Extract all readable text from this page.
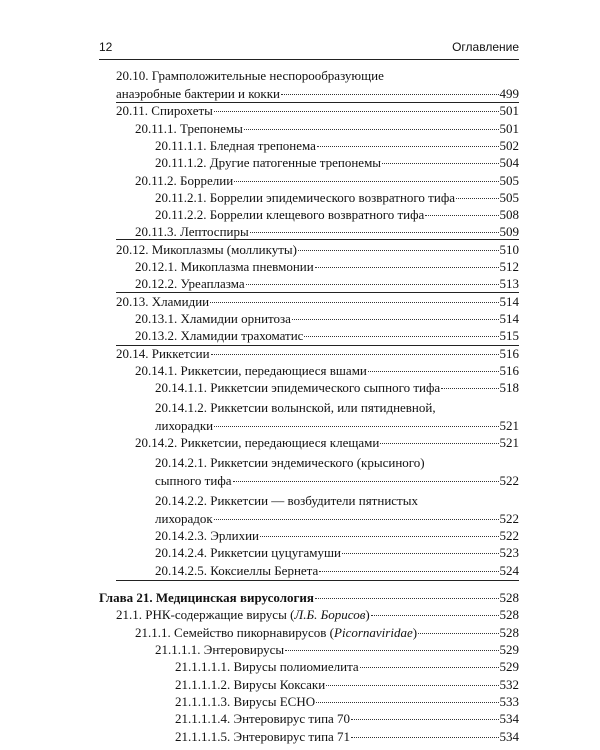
12	Оглавление
20.10. Грамположительные неспорообразующие
анаэробные бактерии и кокки	499
20.11. Спирохеты	501
20.11.1. Трепонемы	501
20.11.1.1. Бледная трепонема	502
20.11.1.2. Другие патогенные трепонемы	504
20.11.2. Боррелии	505
20.11.2.1. Боррелии эпидемического возвратного тифа	505
20.11.2.2. Боррелии клещевого возвратного тифа	508
20.11.3. Лептоспиры	509
20.12. Микоплазмы (молликуты)	510
20.12.1. Микоплазма пневмонии	512
20.12.2. Уреаплазма	513
20.13. Хламидии	514
20.13.1. Хламидии орнитоза	514
20.13.2. Хламидии трахоматис	515
20.14. Риккетсии	516
20.14.1. Риккетсии, передающиеся вшами	516
20.14.1.1. Риккетсии эпидемического сыпного тифа	518
20.14.1.2. Риккетсии волынской, или пятидневной,
лихорадки	521
20.14.2. Риккетсии, передающиеся клещами	521
20.14.2.1. Риккетсии эндемического (крысиного)
сыпного тифа	522
20.14.2.2. Риккетсии — возбудители пятнистых
лихорадок	522
20.14.2.3. Эрлихии	522
20.14.2.4. Риккетсии цуцугамуши	523
20.14.2.5. Коксиеллы Бернета	524
Глава 21. Медицинская вирусология	528
21.1. РНК-содержащие вирусы (Л.Б. Борисов)	528
21.1.1. Семейство пикорнавирусов (Picornaviridae)	528
21.1.1.1. Энтеровирусы	529
21.1.1.1.1. Вирусы полиомиелита	529
21.1.1.1.2. Вирусы Коксаки	532
21.1.1.1.3. Вирусы ECHO	533
21.1.1.1.4. Энтеровирус типа 70	534
21.1.1.1.5. Энтеровирус типа 71	534
